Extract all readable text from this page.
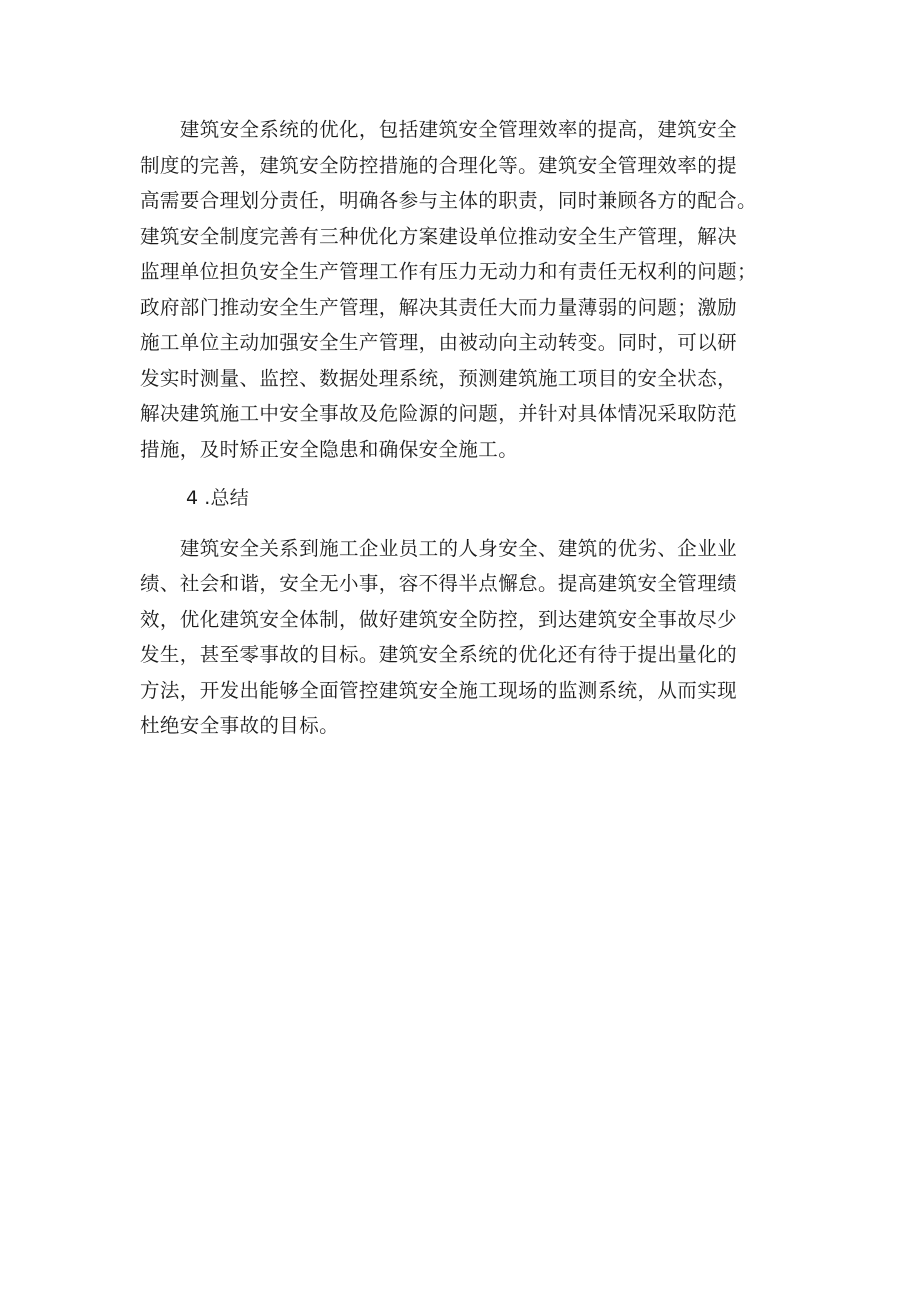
　　建筑安全系统的优化，包括建筑安全管理效率的提高，建筑安全
制度的完善，建筑安全防控措施的合理化等。建筑安全管理效率的提
高需要合理划分责任，明确各参与主体的职责，同时兼顾各方的配合。
建筑安全制度完善有三种优化方案建设单位推动安全生产管理，解决
监理单位担负安全生产管理工作有压力无动力和有责任无权利的问题；
政府部门推动安全生产管理，解决其责任大而力量薄弱的问题；激励
施工单位主动加强安全生产管理，由被动向主动转变。同时，可以研
发实时测量、监控、数据处理系统，预测建筑施工项目的安全状态，
解决建筑施工中安全事故及危险源的问题，并针对具体情况采取防范
措施，及时矫正安全隐患和确保安全施工。
4 .总结
　　建筑安全关系到施工企业员工的人身安全、建筑的优劣、企业业
绩、社会和谐，安全无小事，容不得半点懈怠。提高建筑安全管理绩
效，优化建筑安全体制，做好建筑安全防控，到达建筑安全事故尽少
发生，甚至零事故的目标。建筑安全系统的优化还有待于提出量化的
方法，开发出能够全面管控建筑安全施工现场的监测系统，从而实现
杜绝安全事故的目标。
